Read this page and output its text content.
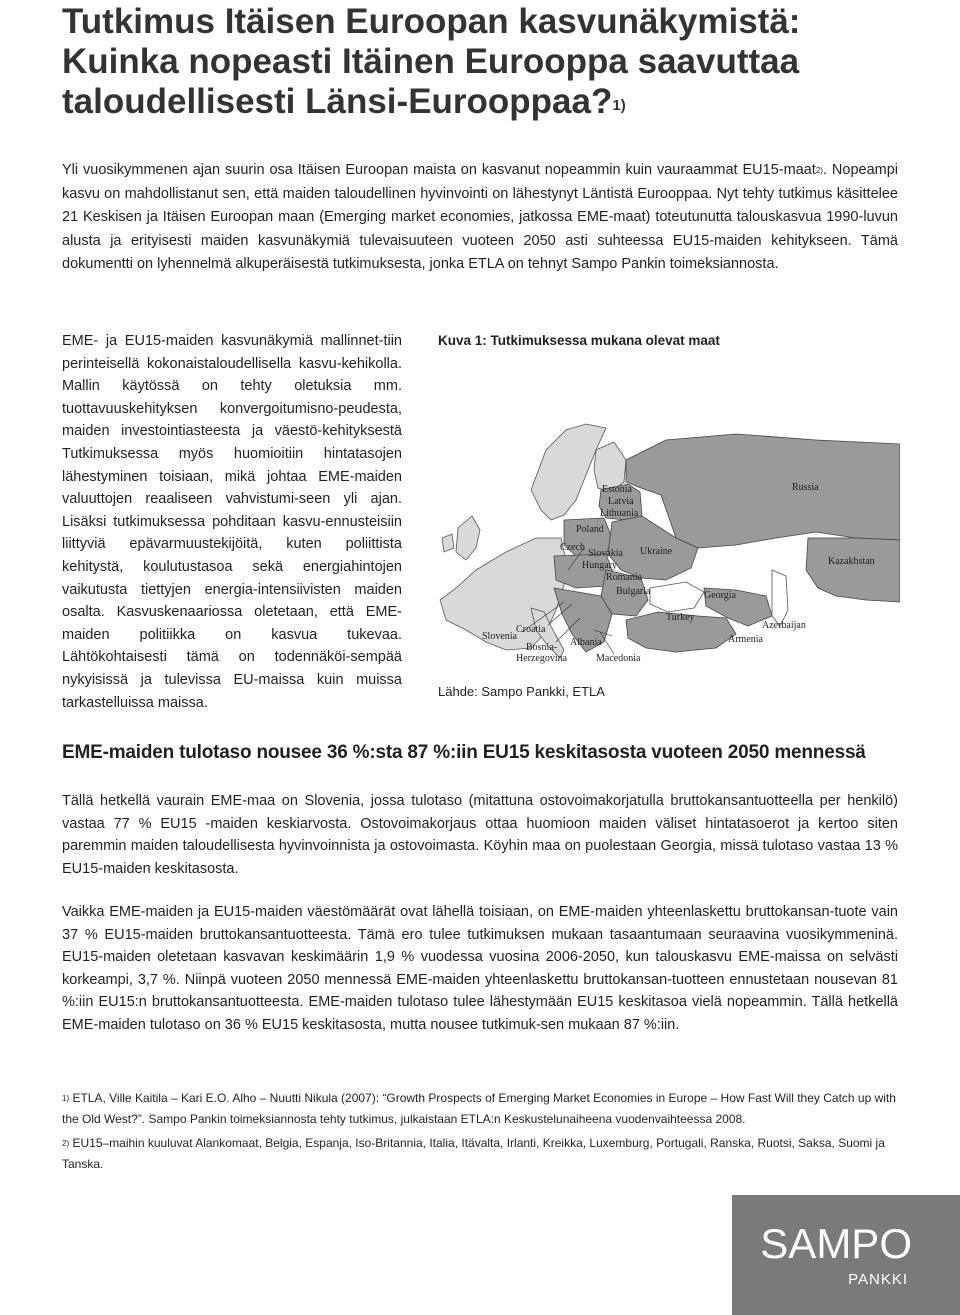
Tutkimus Itäisen Euroopan kasvunäkymistä:
Kuinka nopeasti Itäinen Eurooppa saavuttaa
taloudellisesti Länsi-Eurooppaa?$^{1)}$

Yli vuosikymmenen ajan suurin osa Itäisen Euroopan maista on kasvanut nopeammin kuin vauraammat EU15-maat$^{2)}$. Nopeampi kasvu on mahdollistanut sen, että maiden taloudellinen hyvinvointi on lähestynyt Läntistä Eurooppaa. Nyt tehty tutkimus käsittelee 21 Keskisen ja Itäisen Euroopan maan (Emerging market economies, jatkossa EME-maat) toteutunutta talouskasvua 1990-luvun alusta ja erityisesti maiden kasvunäkymiä tulevaisuuteen vuoteen 2050 asti suhteessa EU15-maiden kehitykseen. Tämä dokumentti on lyhennelmä alkuperäisestä tutkimuksesta, jonka ETLA on tehnyt Sampo Pankin toimeksiannosta.

EME- ja EU15-maiden kasvunäkymiä mallinnet-tiin perinteisellä kokonaistaloudellisella kasvu-kehikolla. Mallin käytössä on tehty oletuksia mm. tuottavuuskehityksen konvergoitumisno-peudesta, maiden investointiasteesta ja väestö-kehityksestä Tutkimuksessa myös huomioitiin hintatasojen lähestyminen toisiaan, mikä johtaa EME-maiden valuuttojen reaaliseen vahvistumi-seen yli ajan. Lisäksi tutkimuksessa pohditaan kasvu-ennusteisiin liittyviä epävarmuustekijöitä, kuten poliittista kehitystä, koulutustasoa sekä energiahintojen vaikutusta tiettyjen energia-intensiivisten maiden osalta. Kasvuskenaariossa oletetaan, että EME-maiden politiikka on kasvua tukevaa. Lähtökohtaisesti tämä on todennäköi-sempää nykyisissä ja tulevissa EU-maissa kuin muissa tarkastelluissa maissa.

Kuva 1: Tutkimuksessa mukana olevat maat

Estonia
Latvia
Lithuania
Russia
Poland
Czech
Slovakia Ukraine
Kazakhstan
Hungary
Romania
Bulgaria	Georgia
Turkey
Azerbaijan
Armenia
Croatia
Slovenia
Bosnia-
Herzegovina
Albania
Macedonia

Lähde: Sampo Pankki, ETLA

EME-maiden tulotaso nousee 36 %:sta 87 %:iin EU15 keskitasosta vuoteen 2050 mennessä

Tällä hetkellä vaurain EME-maa on Slovenia, jossa tulotaso (mitattuna ostovoimakorjatulla bruttokansantuotteella per henkilö) vastaa 77 % EU15 -maiden keskiarvosta. Ostovoimakorjaus ottaa huomioon maiden väliset hintatasoerot ja kertoo siten paremmin maiden taloudellisesta hyvinvoinnista ja ostovoimasta. Köyhin maa on puolestaan Georgia, missä tulotaso vastaa 13 % EU15-maiden keskitasosta.

Vaikka EME-maiden ja EU15-maiden väestömäärät ovat lähellä toisiaan, on EME-maiden yhteenlaskettu bruttokansan-tuote vain 37 % EU15-maiden bruttokansantuotteesta. Tämä ero tulee tutkimuksen mukaan tasaantumaan seuraavina vuosikymmeninä. EU15-maiden oletetaan kasvavan keskimäärin 1,9 % vuodessa vuosina 2006-2050, kun talouskasvu EME-maissa on selvästi korkeampi, 3,7 %. Niinpä vuoteen 2050 mennessä EME-maiden yhteenlaskettu bruttokansan-tuotteen ennustetaan nousevan 81 %:iin EU15:n bruttokansantuotteesta. EME-maiden tulotaso tulee lähestymään EU15 keskitasoa vielä nopeammin. Tällä hetkellä EME-maiden tulotaso on 36 % EU15 keskitasosta, mutta nousee tutkimuk-sen mukaan 87 %:iin.

$^{1)}$ ETLA, Ville Kaitila – Kari E.O. Alho – Nuutti Nikula (2007): “Growth Prospects of Emerging Market Economies in Europe – How Fast Will they Catch up with the Old West?”. Sampo Pankin toimeksiannosta tehty tutkimus, julkaistaan ETLA:n Keskustelunaiheena vuodenvaihteessa 2008.

$^{2)}$ EU15–maihin kuuluvat Alankomaat, Belgia, Espanja, Iso-Britannia, Italia, Itävalta, Irlanti, Kreikka, Luxemburg, Portugali, Ranska, Ruotsi, Saksa, Suomi ja Tanska.

SAMPO
PANKKI
